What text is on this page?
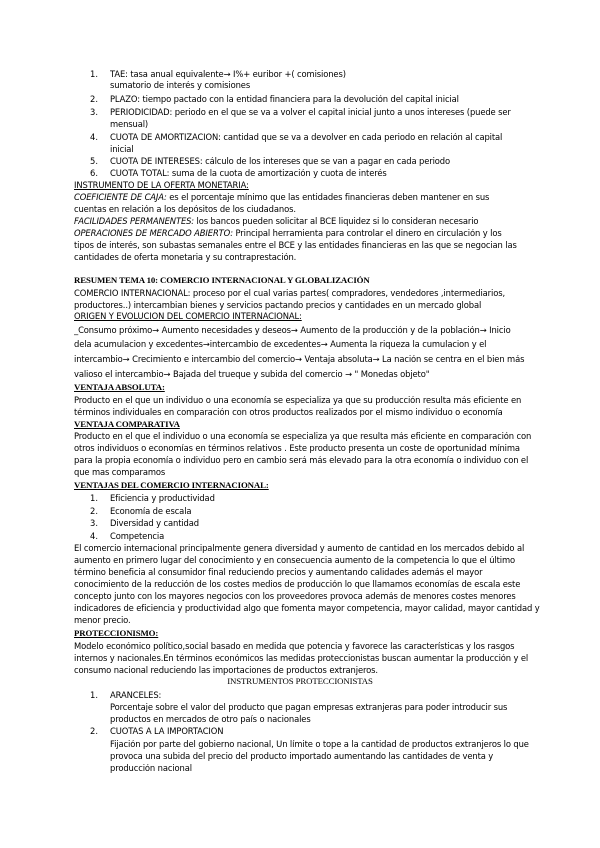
1. TAE: tasa anual equivalente→ I%+ euribor +( comisiones)
sumatorio de interés y comisiones
2. PLAZO: tiempo pactado con la entidad financiera para la devolución del capital inicial
3. PERIODICIDAD: periodo en el que se va a volver el capital inicial junto a unos intereses (puede ser
mensual)
4. CUOTA DE AMORTIZACIÓN: cantidad que se va a devolver en cada periodo en relación al capital
inicial
5. CUOTA DE INTERESES: cálculo de los intereses que se van a pagar en cada periodo
6. CUOTA TOTAL: suma de la cuota de amortización y cuota de interés
INSTRUMENTO DE LA OFERTA MONETARIA:
COEFICIENTE DE CAJA: es el porcentaje mínimo que las entidades financieras deben mantener en sus
cuentas en relación a los depósitos de los ciudadanos.
FACILIDADES PERMANENTES: los bancos pueden solicitar al BCE liquidez si lo consideran necesario
OPERACIONES DE MERCADO ABIERTO: Principal herramienta para controlar el dinero en circulación y los
tipos de interés, son subastas semanales entre el BCE y las entidades financieras en las que se negocian las
cantidades de oferta monetaria y su contraprestación.
RESUMEN TEMA 10: COMERCIO INTERNACIONAL Y GLOBALIZACIÓN
COMERCIO INTERNACIONAL: proceso por el cual varias partes( compradores, vendedores ,intermediarios,
productores..) intercambian bienes y servicios pactando precios y cantidades en un mercado global
ORIGEN Y EVOLUCIÓN DEL COMERCIO INTERNACIONAL:
_Consumo próximo→ Aumento necesidades y deseos→ Aumento de la producción y de la población→ Inicio
dela acumulacion y excedentes→intercambio de excedentes→ Aumenta la riqueza la cumulacion y el
intercambio→ Crecimiento e intercambio del comercio→ Ventaja absoluta→ La nación se centra en el bien más
valioso el intercambio→ Bajada del trueque y subida del comercio → " Monedas objeto"
VENTAJA ABSOLUTA:
Producto en el que un individuo o una economía se especializa ya que su producción resulta más eficiente en
términos individuales en comparación con otros productos realizados por el mismo individuo o economía
VENTAJA COMPARATIVA
Producto en el que el individuo o una economía se especializa ya que resulta más eficiente en comparación con
otros individuos o economías en términos relativos . Este producto presenta un coste de oportunidad mínima
para la propia economía o individuo pero en cambio será más elevado para la otra economía o individuo con el
que mas comparamos
VENTAJAS DEL COMERCIO INTERNACIONAL:
1. Eficiencia y productividad
2. Economía de escala
3. Diversidad y cantidad
4. Competencia
El comercio internacional principalmente genera diversidad y aumento de cantidad en los mercados debido al
aumento en primero lugar del conocimiento y en consecuencia aumento de la competencia lo que el último
término beneficia al consumidor final reduciendo precios y aumentando calidades además el mayor
conocimiento de la reducción de los costes medios de producción lo que llamamos economías de escala este
concepto junto con los mayores negocios con los proveedores provoca además de menores costes menores
indicadores de eficiencia y productividad algo que fomenta mayor competencia, mayor calidad, mayor cantidad y
menor precio.
PROTECCIONISMO:
Modelo económico político,social basado en medida que potencia y favorece las características y los rasgos
internos y nacionales.En términos económicos las medidas proteccionistas buscan aumentar la producción y el
consumo nacional reduciendo las importaciones de productos extranjeros.
INSTRUMENTOS PROTECCIONISTAS
1. ARANCELES:
Porcentaje sobre el valor del producto que pagan empresas extranjeras para poder introducir sus
productos en mercados de otro país o nacionales
2. CUOTAS A LA IMPORTACIÓN
Fijación por parte del gobierno nacional, Un límite o tope a la cantidad de productos extranjeros lo que
provoca una subida del precio del producto importado aumentando las cantidades de venta y
producción nacional
